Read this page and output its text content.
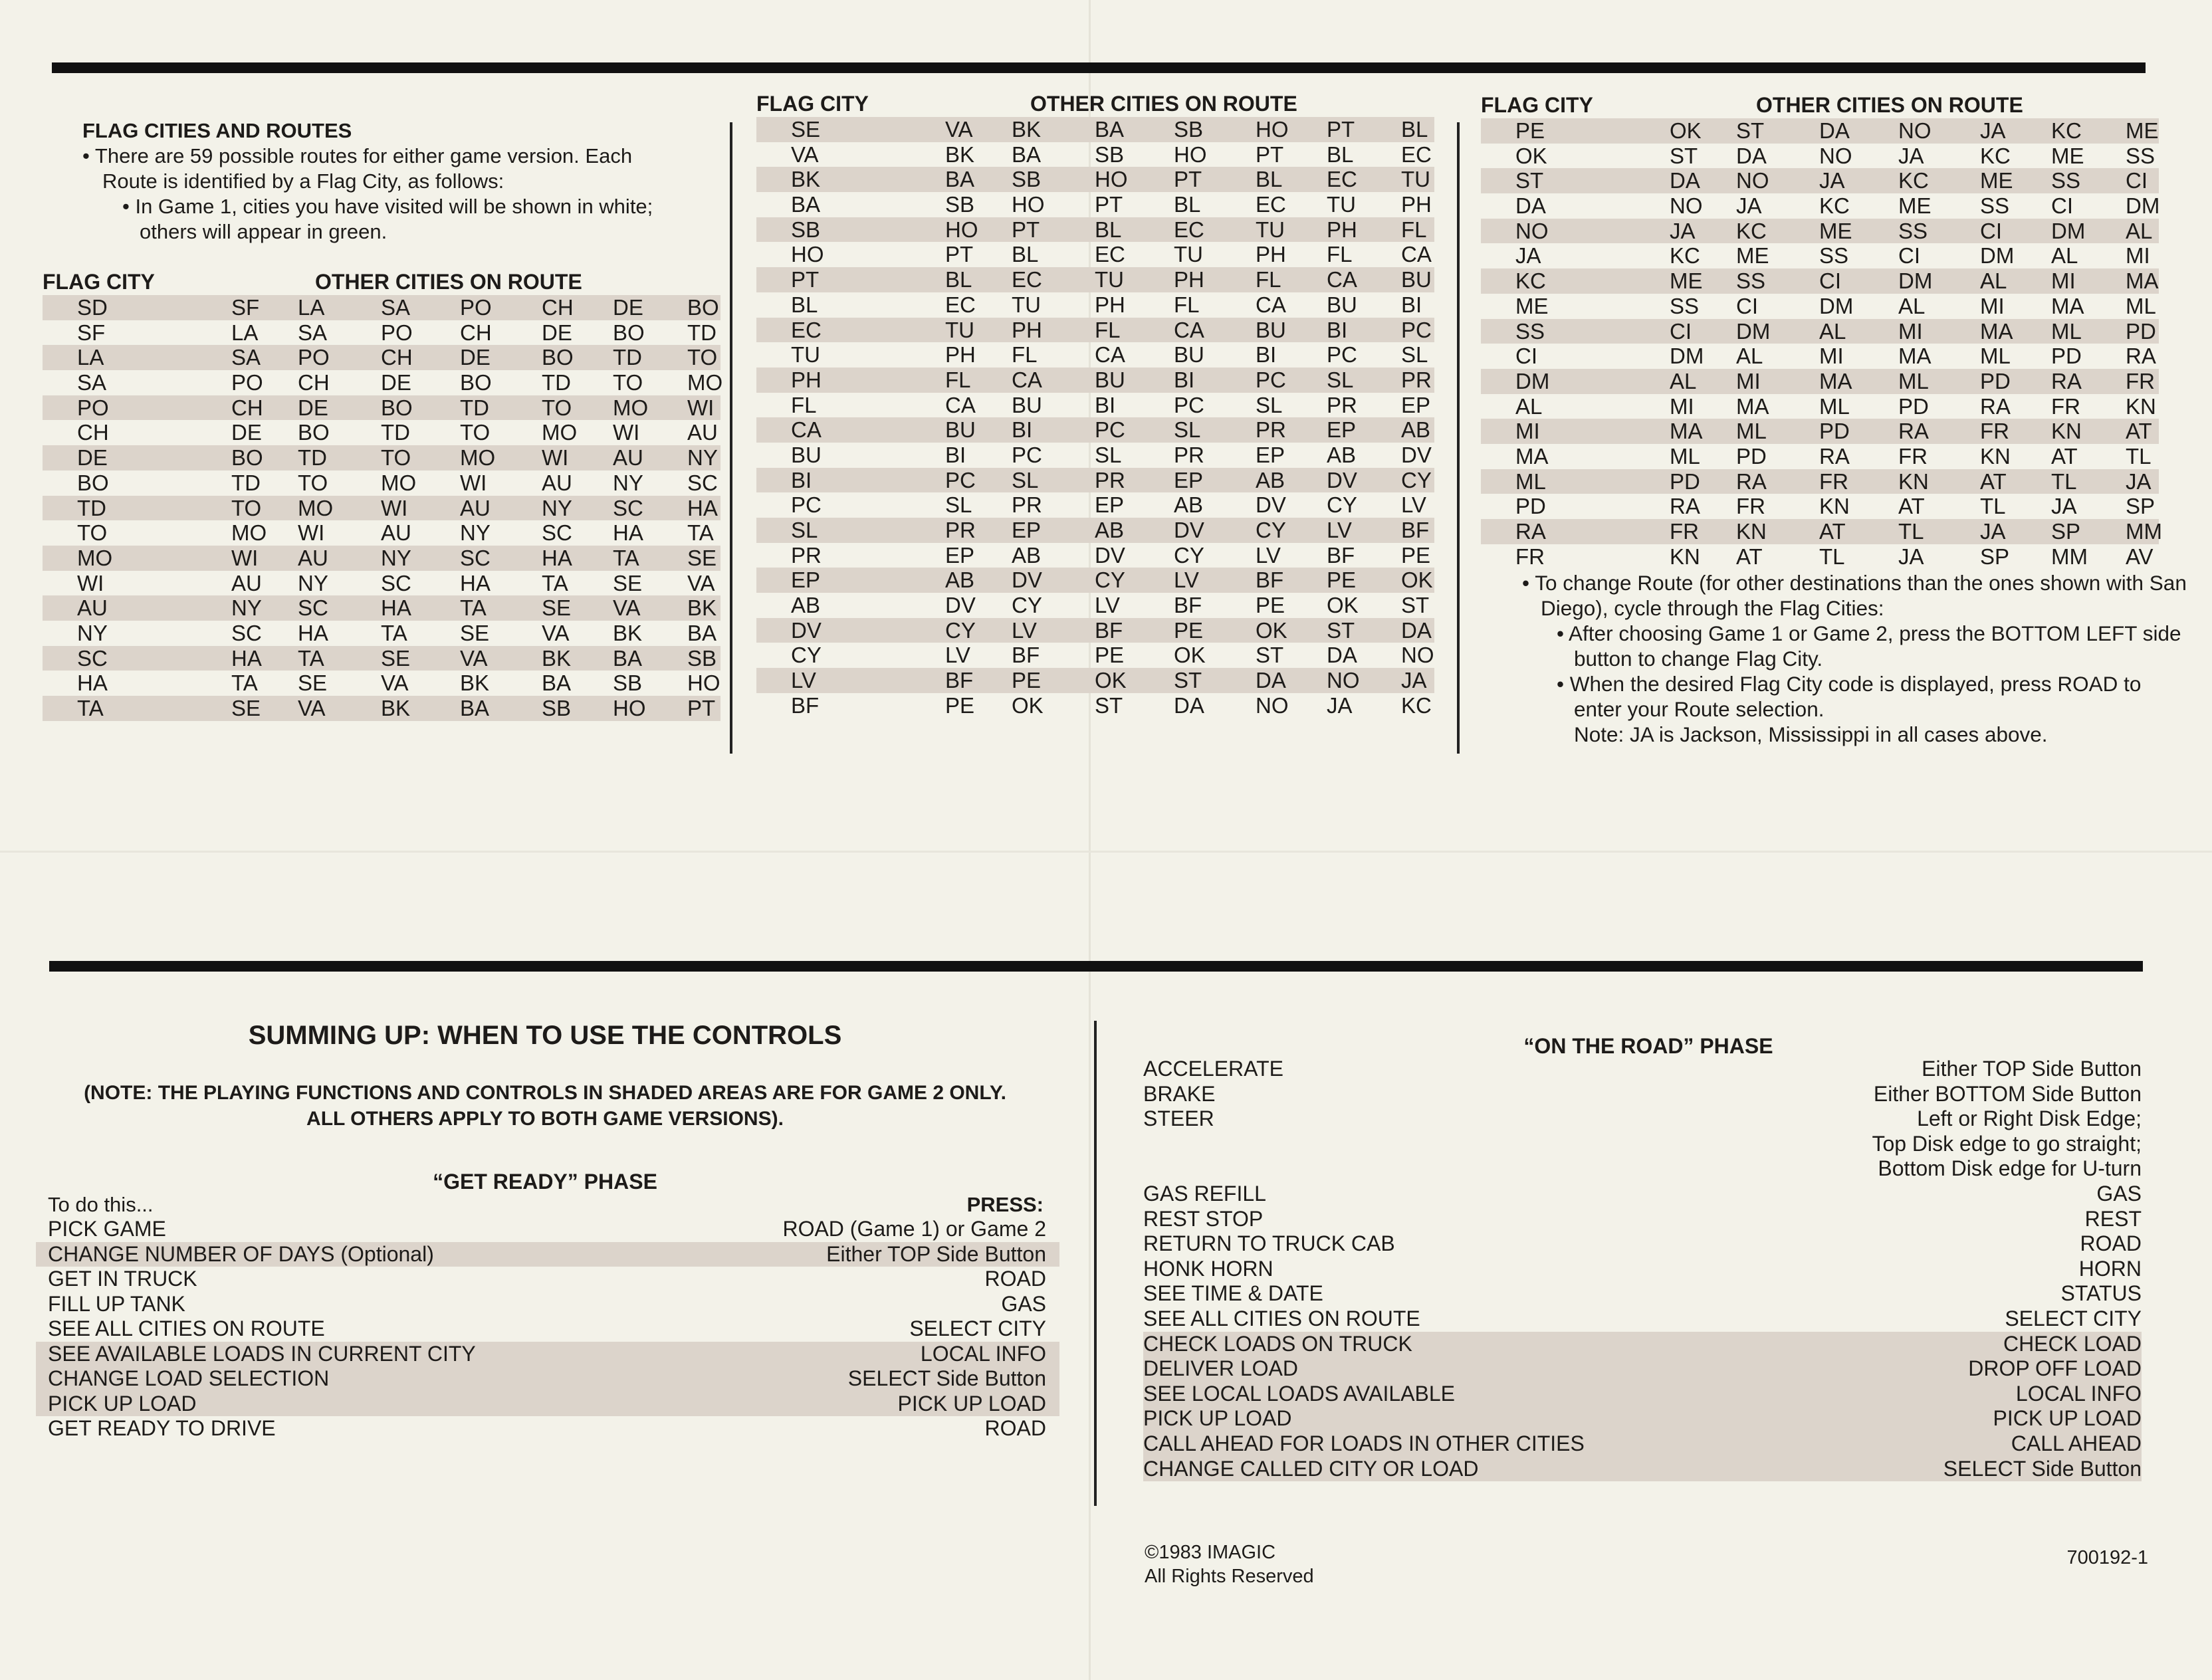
FLAG CITIES AND ROUTES
• There are 59 possible routes for either game version. Each Route is identified by a Flag City, as follows:
• In Game 1, cities you have visited will be shown in white; others will appear in green.
FLAG CITY	OTHER CITIES ON ROUTE
SD	SF LA	SA PO CH DE BO
SF	LA SA PO CH DE BO TD
LA	SA PO CH DE BO TD TO
SA	PO CH DE BO TD TO MO
PO	CH DE BO TD TO MO WI
CH	DE BO TD TO MO WI AU
DE	BO TD TO MO WI AU NY
BO	TD TO MO WI	AU NY SC
TD	TO MO WI AU NY SC HA
TO	MO WI	AU NY SC HA TA
MO	WI AU NY SC HA TA SE
WI	AU NY SC HA TA SE VA
AU	NY SC HA TA	SE VA BK
NY	SC HA TA SE VA BK BA
SC	HA TA	SE VA BK BA SB
HA	TA SE VA BK BA SB HO
TA	SE VA	BK BA SB HO PT
FLAG CITY	OTHER CITIES ON ROUTE
SE	VA BK BA SB HO PT BL
VA	BK BA SB HO PT BL EC
BK	BA SB HO PT BL EC TU
BA	SB HO PT BL	EC TU PH
SB	HO PT	BL EC TU PH FL
HO	PT BL	EC TU PH FL CA
PT	BL EC TU PH FL CA BU
BL	EC TU PH FL	CA BU BI
EC	TU PH FL CA BU BI PC
TU	PH FL	CA BU BI PC SL
PH	FL CA BU BI	PC SL PR
FL	CA BU BI	PC SL PR EP
CA	BU BI	PC SL	PR EP AB
BU	BI PC SL PR EP AB DV
BI	PC SL	PR EP AB DV CY
PC	SL PR EP AB DV CY LV
SL	PR EP AB DV CY LV BF
PR	EP AB DV CY LV BF PE
EP	AB DV CY LV	BF PE OK
AB	DV CY LV BF PE OK ST
DV	CY LV	BF PE OK ST DA
CY	LV BF	PE OK ST DA NO
LV	BF PE OK ST DA NO JA
BF	PE OK ST DA NO JA KC
FLAG CITY	OTHER CITIES ON ROUTE
PE	OK ST	DA NO JA KC ME
OK	ST DA NO JA	KC ME SS
ST	DA NO JA KC ME SS CI
DA	NO JA	KC ME SS CI DM
NO	JA KC ME SS CI DM AL
JA	KC ME SS CI	DM AL MI
KC	ME SS CI	DM AL MI MA
ME	SS CI	DM AL	MI MA ML
SS	CI DM AL MI	MA ML PD
CI	DM AL	MI MA ML PD RA
DM	AL MI	MA ML PD RA FR
AL	MI MA ML PD RA FR KN
MI	MA ML PD RA FR KN AT
MA	ML PD RA FR KN AT TL
ML	PD RA FR KN AT TL JA
PD	RA FR KN AT	TL JA SP
RA	FR KN AT TL	JA SP MM
FR	KN AT	TL JA	SP MM AV
• To change Route (for other destinations than the ones shown with San Diego), cycle through the Flag Cities:
• After choosing Game 1 or Game 2, press the BOTTOM LEFT side button to change Flag City.
• When the desired Flag City code is displayed, press ROAD to enter your Route selection.
Note: JA is Jackson, Mississippi in all cases above.
SUMMING UP: WHEN TO USE THE CONTROLS
(NOTE: THE PLAYING FUNCTIONS AND CONTROLS IN SHADED AREAS ARE FOR GAME 2 ONLY.
ALL OTHERS APPLY TO BOTH GAME VERSIONS).
“GET READY” PHASE
To do this...	PRESS:
PICK GAME	ROAD (Game 1) or Game 2
CHANGE NUMBER OF DAYS (Optional)	Either TOP Side Button
GET IN TRUCK	ROAD
FILL UP TANK	GAS
SEE ALL CITIES ON ROUTE	SELECT CITY
SEE AVAILABLE LOADS IN CURRENT CITY	LOCAL INFO
CHANGE LOAD SELECTION	SELECT Side Button
PICK UP LOAD	PICK UP LOAD
GET READY TO DRIVE	ROAD
“ON THE ROAD” PHASE
ACCELERATE	Either TOP Side Button
BRAKE	Either BOTTOM Side Button
STEER	Left or Right Disk Edge;
Top Disk edge to go straight;
Bottom Disk edge for U-turn
GAS REFILL	GAS
REST STOP	REST
RETURN TO TRUCK CAB	ROAD
HONK HORN	HORN
SEE TIME & DATE	STATUS
SEE ALL CITIES ON ROUTE	SELECT CITY
CHECK LOADS ON TRUCK	CHECK LOAD
DELIVER LOAD	DROP OFF LOAD
SEE LOCAL LOADS AVAILABLE	LOCAL INFO
PICK UP LOAD	PICK UP LOAD
CALL AHEAD FOR LOADS IN OTHER CITIES	CALL AHEAD
CHANGE CALLED CITY OR LOAD	SELECT Side Button
©1983 IMAGIC
All Rights Reserved
700192-1
